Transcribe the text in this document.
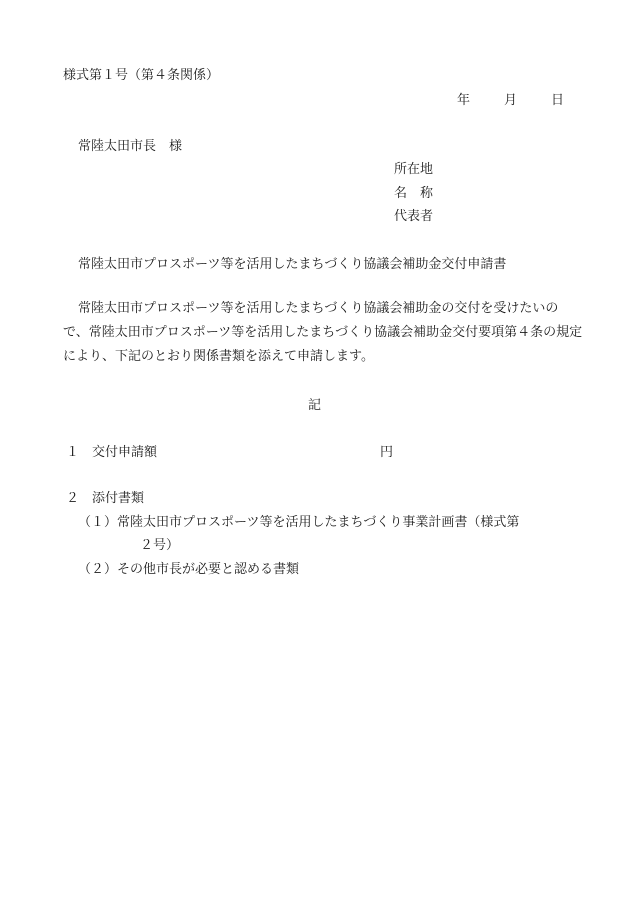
様式第１号（第４条関係）
年	月	日
常陸太田市長　様
所在地
名　称
代表者
常陸太田市プロスポーツ等を活用したまちづくり協議会補助金交付申請書
常陸太田市プロスポーツ等を活用したまちづくり協議会補助金の交付を受けたいので、常陸太田市プロスポーツ等を活用したまちづくり協議会補助金交付要項第４条の規定により、下記のとおり関係書類を添えて申請します。
記
１　交付申請額	円
２　添付書類
（１）常陸太田市プロスポーツ等を活用したまちづくり事業計画書（様式第
２号）
（２）その他市長が必要と認める書類
